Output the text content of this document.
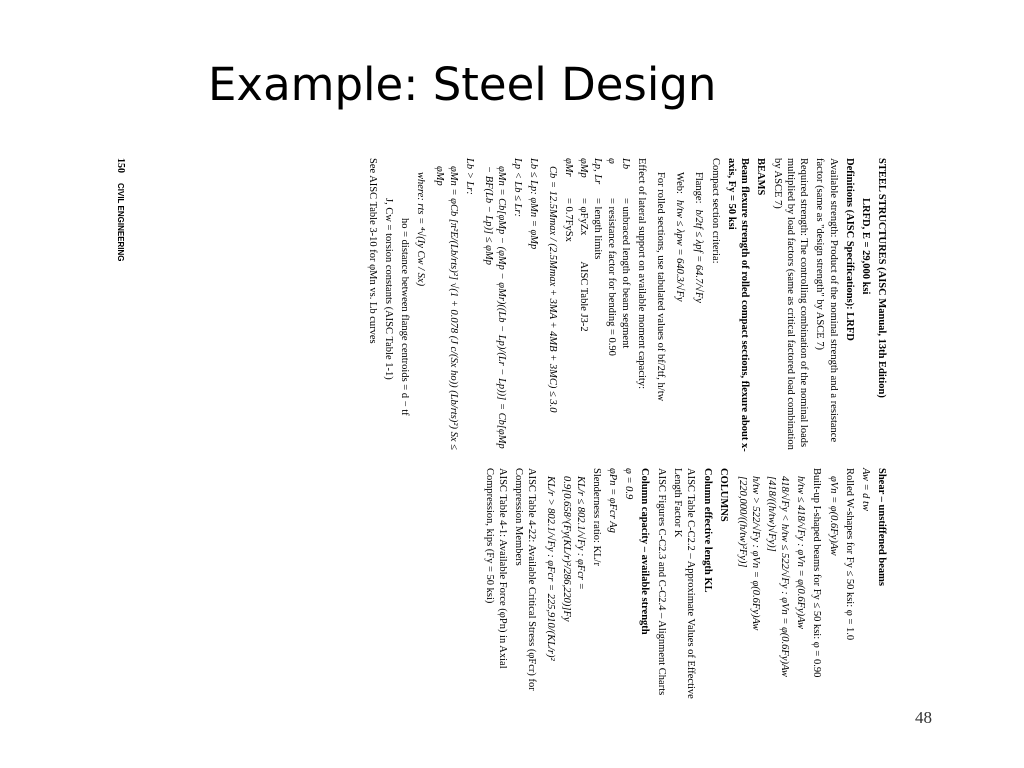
Example: Steel Design
STEEL STRUCTURES (AISC Manual, 13th Edition)
LRFD, E = 29,000 ksi
Definitions (AISC Specifications): LRFD
Available strength: Product of the nominal strength and a resistance factor (same as "design strength" by ASCE 7)
Required strength: The controlling combination of the nominal loads multiplied by load factors (same as critical factored load combination by ASCE 7)
BEAMS
Beam flexure strength of rolled compact sections, flexure about x-axis, Fy = 50 ksi
Compact section criteria:
Flange:
b/2tf ≤ λpf = 64.7/√Fy
Web:
h/tw ≤ λpw = 640.3/√Fy
For rolled sections, use tabulated values of bf/2tf, h/tw
Effect of lateral support on available moment capacity:
Lb
= unbraced length of beam segment
φ
= resistance factor for bending = 0.90
Lp, Lr
= length limits
φMp
= φFyZx
AISC Table J3-2
φMr
= 0.7FySx
Cb = 12.5Mmax / (2.5Mmax + 3MA + 4MB + 3MC) ≤ 3.0
Lb ≤ Lp: φMn = φMp
Lp < Lb ≤ Lr:
φMn = Cb[φMp − (φMp − φMr)((Lb − Lp)/(Lr − Lp))] = Cb[φMp − BF(Lb − Lp)] ≤ φMp
Lb > Lr:
φMn = φCb [π²E/(Lb/rts)²] √(1 + 0.078 (J c/(Sx ho)) (Lb/rts)²) Sx ≤ φMp
where: rts = ⁴√(Iy Cw / Sx)
ho = distance between flange centroids = d − tf
J, Cw = torsion constants (AISC Table 1-1)
See AISC Table 3-10 for φMn vs. Lb curves
Shear – unstiffened beams
Aw = d tw
Rolled W-shapes for Fy ≤ 50 ksi: φ = 1.0
φVn = φ(0.6Fy)Aw
Built-up I-shaped beams for Fy ≤ 50 ksi: φ = 0.90
h/tw ≤ 418/√Fy : φVn = φ(0.6Fy)Aw
418/√Fy < h/tw ≤ 522/√Fy : φVn = φ(0.6Fy)Aw [418/((h/tw)√Fy)]
h/tw > 522/√Fy : φVn = φ(0.6Fy)Aw [220,000/((h/tw)²Fy)]
COLUMNS
Column effective length KL
AISC Table C-C2.2 – Approximate Values of Effective Length Factor K
AISC Figures C-C2.3 and C-C2.4 – Alignment Charts
Column capacity – available strength
φ = 0.9
φPn = φFcr Ag
Slenderness ratio: KL/r
KL/r ≤ 802.1/√Fy : φFcr = 0.9[0.658^(Fy(KL/r)²/286,220)]Fy
KL/r > 802.1/√Fy : φFcr = 225,910/(KL/r)²
AISC Table 4-22: Available Critical Stress (φFcr) for Compression Members
AISC Table 4-1: Available Force (φPn) in Axial Compression, kips (Fy = 50 ksi)
150    CIVIL ENGINEERING
48
